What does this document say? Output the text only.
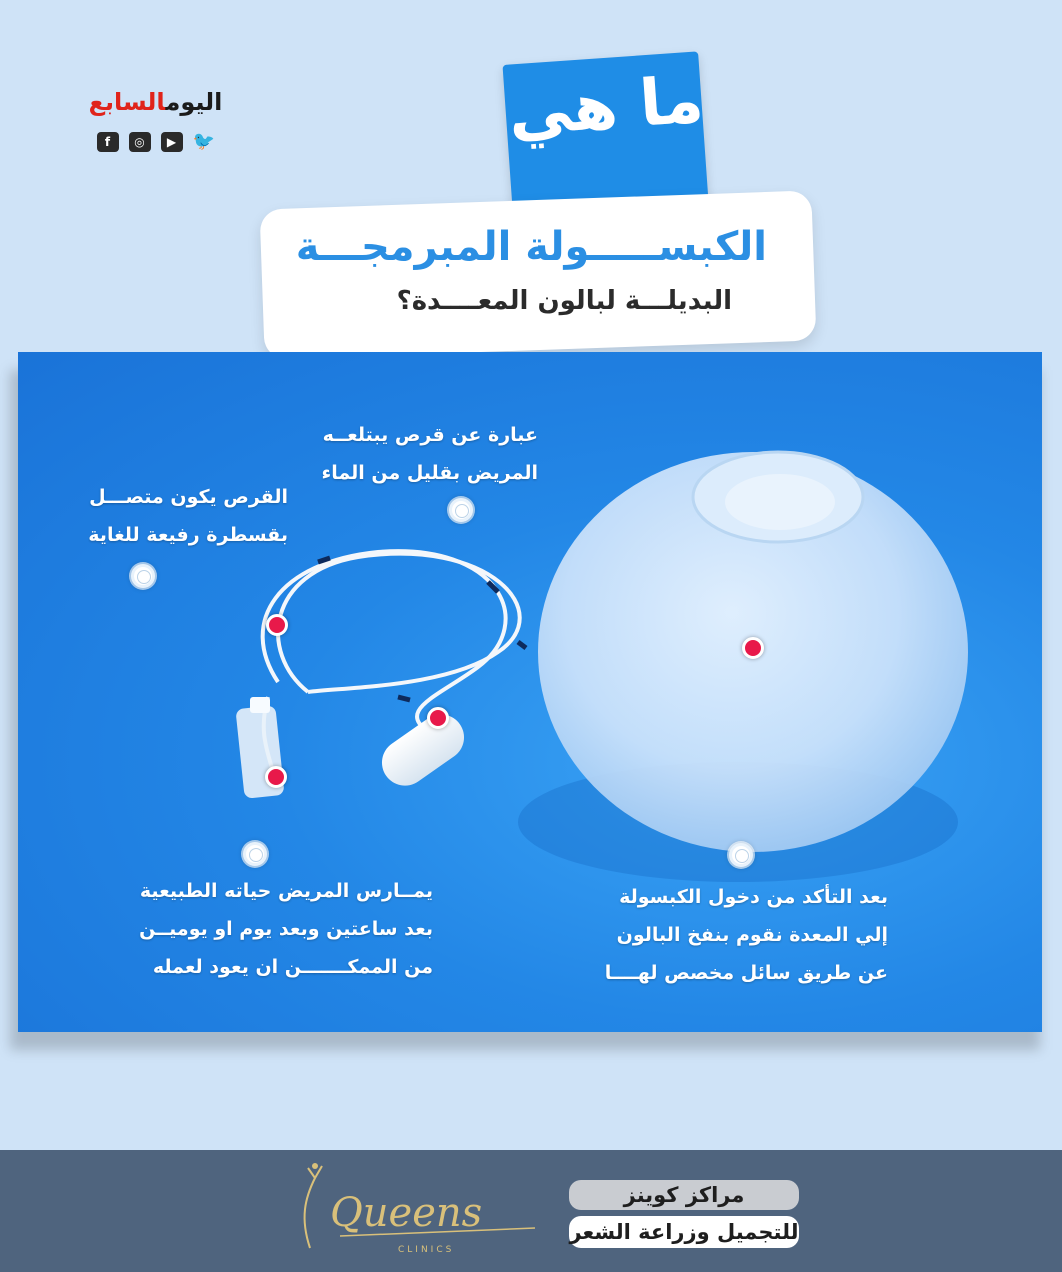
اليومالسابع
f	◎	▶ 🐦	ما هي
الكبســـــولة المبرمجـــة
البديلـــة لبالون المعــــدة؟
عبارة عن قرص يبتلعــه
المريض بقليل من الماء
القرص يكون متصـــل
بقسطرة رفيعة للغاية
يمــارس المريض حياته الطبيعية
بعد ساعتين وبعد يوم او يوميــن
من الممكـــــــن ان يعود لعمله
بعد التأكد من دخول الكبسولة
إلي المعدة نقوم بنفخ البالون
عن طريق سائل مخصص لهــــا
Queens
CLINICS
مراكز كوينز
للتجميل وزراعة الشعر
